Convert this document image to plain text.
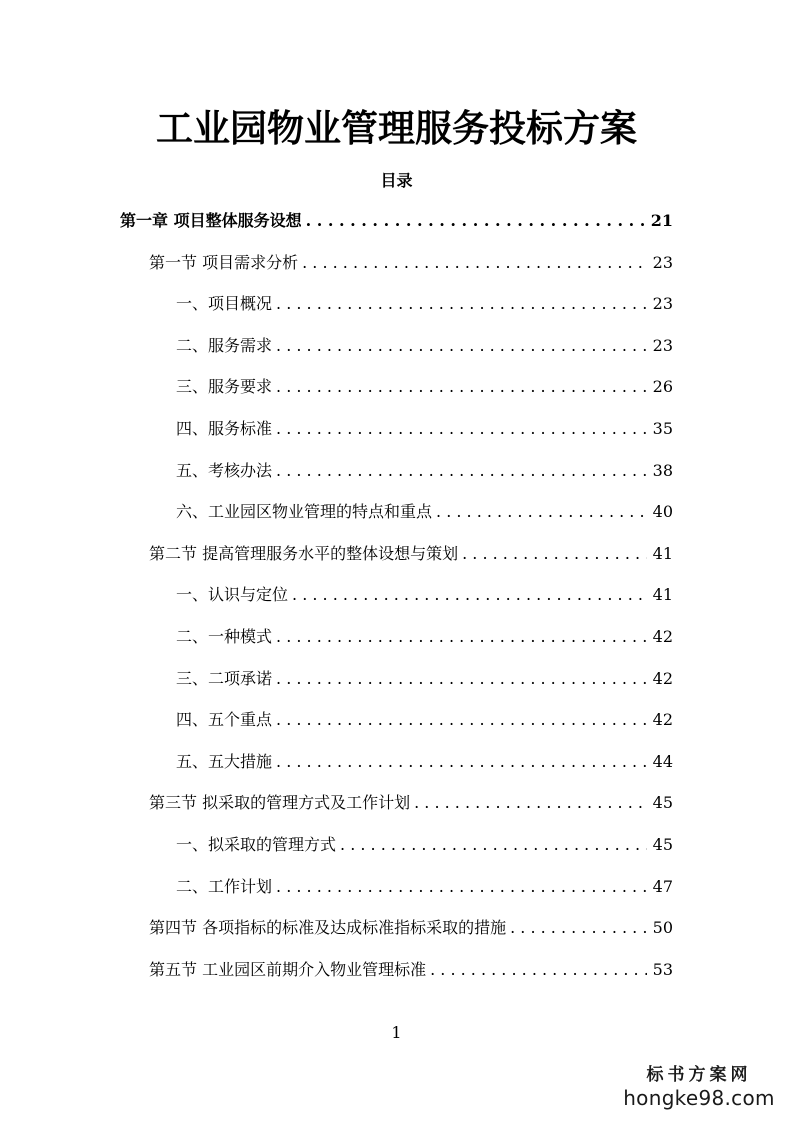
工业园物业管理服务投标方案
目录
第一章 项目整体服务设想 . . .	21
第一节 项目需求分析 . . .	23
一、项目概况 . . .	23
二、服务需求 . . .	23
三、服务要求 . . .	26
四、服务标准 . . .	35
五、考核办法 . . .	38
六、工业园区物业管理的特点和重点 . . .	40
第二节 提高管理服务水平的整体设想与策划 . . .	41
一、认识与定位 . . .	41
二、一种模式 . . .	42
三、二项承诺 . . .	42
四、五个重点 . . .	42
五、五大措施 . . .	44
第三节 拟采取的管理方式及工作计划 . . .	45
一、拟采取的管理方式 . . .	45
二、工作计划 . . .	47
第四节 各项指标的标准及达成标准指标采取的措施 . . .	50
第五节 工业园区前期介入物业管理标准 . . .	53
1
标书方案网
hongke98.com
